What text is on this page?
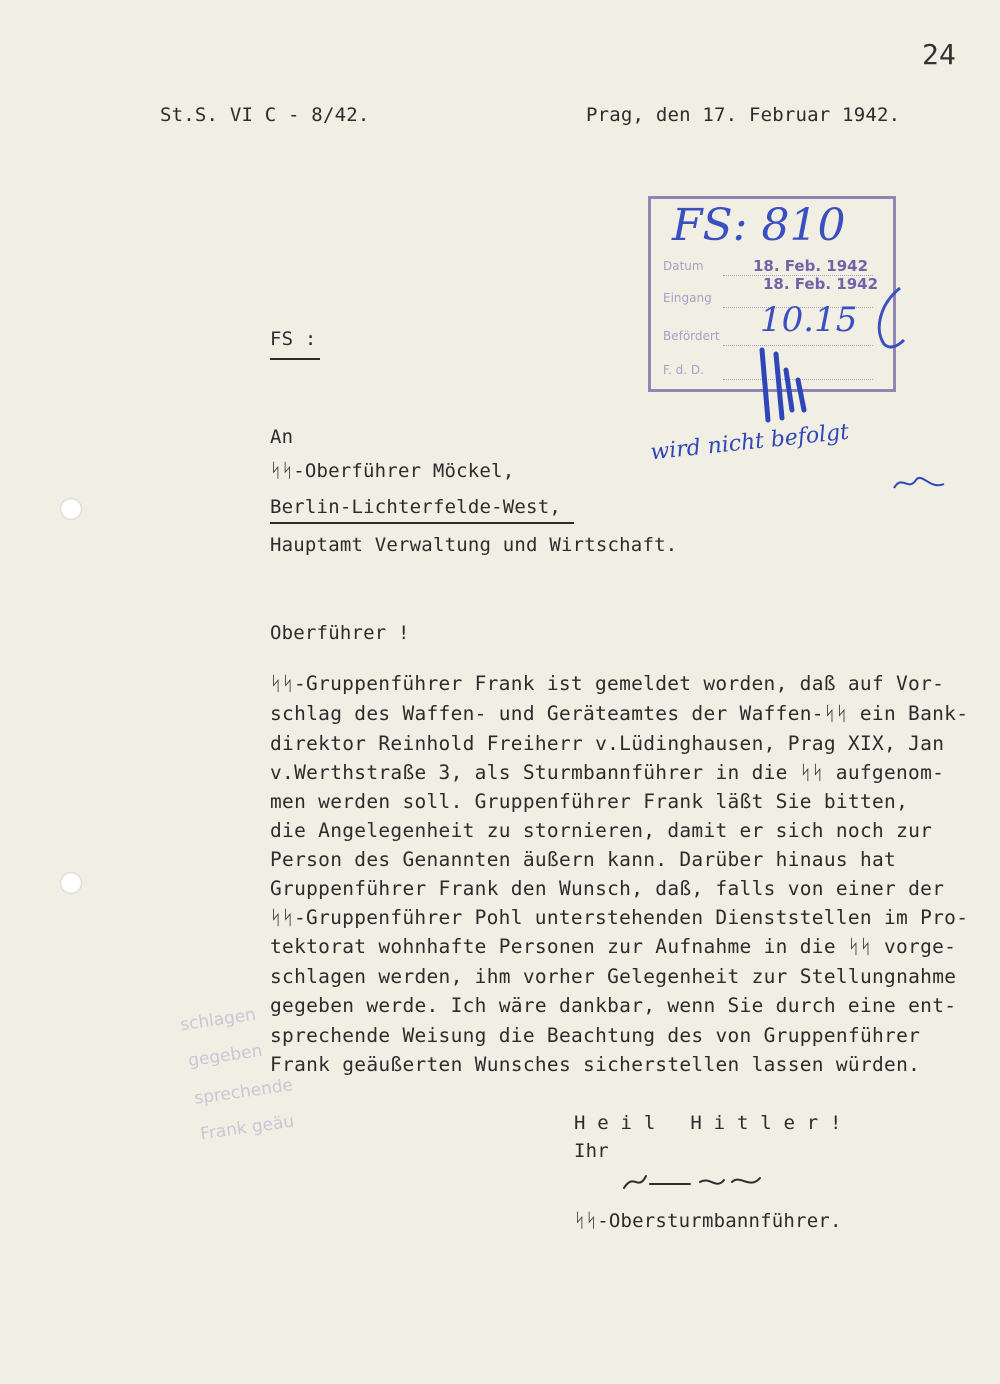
24
St.S. VI C - 8/42.	Prag, den 17. Februar 1942.
Datum
Eingang
Befördert
F. d. D.
18. Feb. 1942
18. Feb. 1942
FS: 810
10.15
wird nicht befolgt
FS :
schlagen
gegeben
sprechende
Frank geäu
An
ᛋᛋ-Oberführer Möckel,
Berlin-Lichterfelde-West,
Hauptamt Verwaltung und Wirtschaft.
Oberführer !
ᛋᛋ-Gruppenführer Frank ist gemeldet worden, daß auf Vor-
schlag des Waffen- und Geräteamtes der Waffen-ᛋᛋ ein Bank-
direktor Reinhold Freiherr v.Lüdinghausen, Prag XIX, Jan
v.Werthstraße 3, als Sturmbannführer in die ᛋᛋ aufgenom-
men werden soll. Gruppenführer Frank läßt Sie bitten,
die Angelegenheit zu stornieren, damit er sich noch zur
Person des Genannten äußern kann. Darüber hinaus hat
Gruppenführer Frank den Wunsch, daß, falls von einer der
ᛋᛋ-Gruppenführer Pohl unterstehenden Dienststellen im Pro-
tektorat wohnhafte Personen zur Aufnahme in die ᛋᛋ vorge-
schlagen werden, ihm vorher Gelegenheit zur Stellungnahme
gegeben werde. Ich wäre dankbar, wenn Sie durch eine ent-
sprechende Weisung die Beachtung des von Gruppenführer
Frank geäußerten Wunsches sicherstellen lassen würden.
H e i l   H i t l e r !
Ihr
ᛋᛋ-Obersturmbannführer.
